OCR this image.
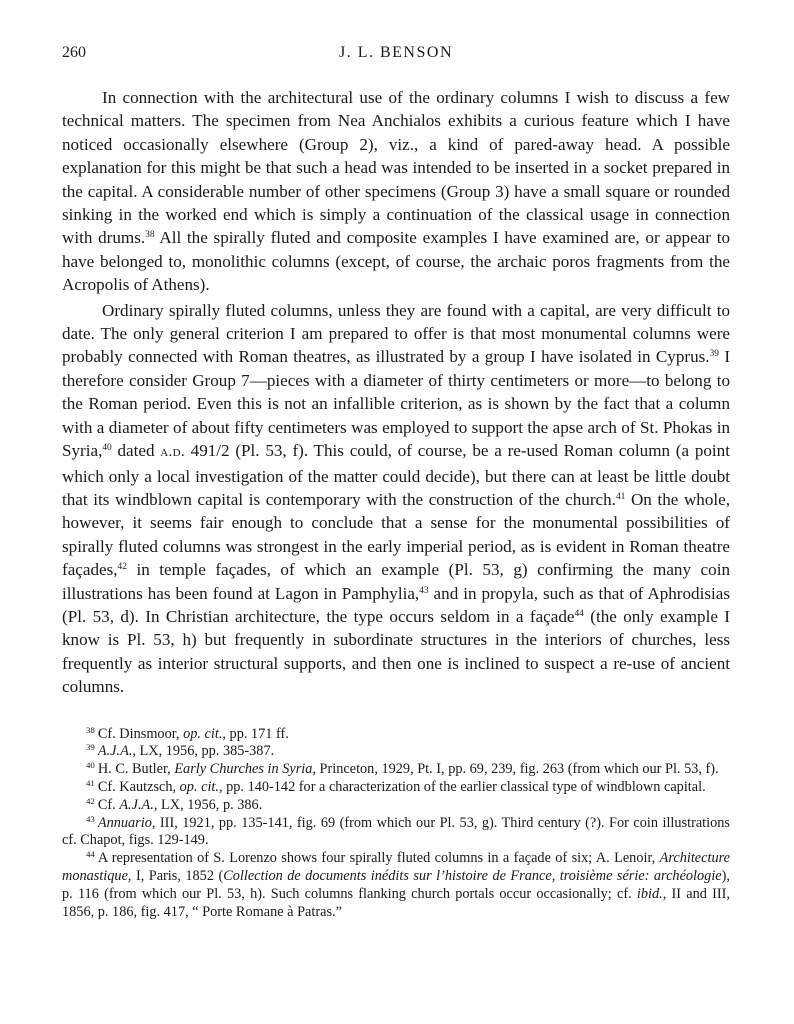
260	J. L. BENSON

In connection with the architectural use of the ordinary columns I wish to discuss a few technical matters. The specimen from Nea Anchialos exhibits a curious feature which I have noticed occasionally elsewhere (Group 2), viz., a kind of pared-away head. A possible explanation for this might be that such a head was intended to be inserted in a socket prepared in the capital. A considerable number of other specimens (Group 3) have a small square or rounded sinking in the worked end which is simply a continuation of the classical usage in connection with drums.$^{38}$ All the spirally fluted and composite examples I have examined are, or appear to have belonged to, monolithic columns (except, of course, the archaic poros fragments from the Acropolis of Athens).

Ordinary spirally fluted columns, unless they are found with a capital, are very difficult to date. The only general criterion I am prepared to offer is that most monumental columns were probably connected with Roman theatres, as illustrated by a group I have isolated in Cyprus.$^{39}$ I therefore consider Group 7—pieces with a diameter of thirty centimeters or more—to belong to the Roman period. Even this is not an infallible criterion, as is shown by the fact that a column with a diameter of about fifty centimeters was employed to support the apse arch of St. Phokas in Syria,$^{40}$ dated a.d. 491/2 (Pl. 53, f). This could, of course, be a re-used Roman column (a point which only a local investigation of the matter could decide), but there can at least be little doubt that its windblown capital is contemporary with the construction of the church.$^{41}$ On the whole, however, it seems fair enough to conclude that a sense for the monumental possibilities of spirally fluted columns was strongest in the early imperial period, as is evident in Roman theatre façades,$^{42}$ in temple façades, of which an example (Pl. 53, g) confirming the many coin illustrations has been found at Lagon in Pamphylia,$^{43}$ and in propyla, such as that of Aphrodisias (Pl. 53, d). In Christian architecture, the type occurs seldom in a façade$^{44}$ (the only example I know is Pl. 53, h) but frequently in subordinate structures in the interiors of churches, less frequently as interior structural supports, and then one is inclined to suspect a re-use of ancient columns.

$^{38}$ Cf. Dinsmoor, op. cit., pp. 171 ff.

$^{39}$ A.J.A., LX, 1956, pp. 385-387.

$^{40}$ H. C. Butler, Early Churches in Syria, Princeton, 1929, Pt. I, pp. 69, 239, fig. 263 (from which our Pl. 53, f).

$^{41}$ Cf. Kautzsch, op. cit., pp. 140-142 for a characterization of the earlier classical type of windblown capital.

$^{42}$ Cf. A.J.A., LX, 1956, p. 386.

$^{43}$ Annuario, III, 1921, pp. 135-141, fig. 69 (from which our Pl. 53, g). Third century (?). For coin illustrations cf. Chapot, figs. 129-149.

$^{44}$ A representation of S. Lorenzo shows four spirally fluted columns in a façade of six; A. Lenoir, Architecture monastique, I, Paris, 1852 (Collection de documents inédits sur l’histoire de France, troisième série: archéologie), p. 116 (from which our Pl. 53, h). Such columns flanking church portals occur occasionally; cf. ibid., II and III, 1856, p. 186, fig. 417, “ Porte Romane à Patras.”
